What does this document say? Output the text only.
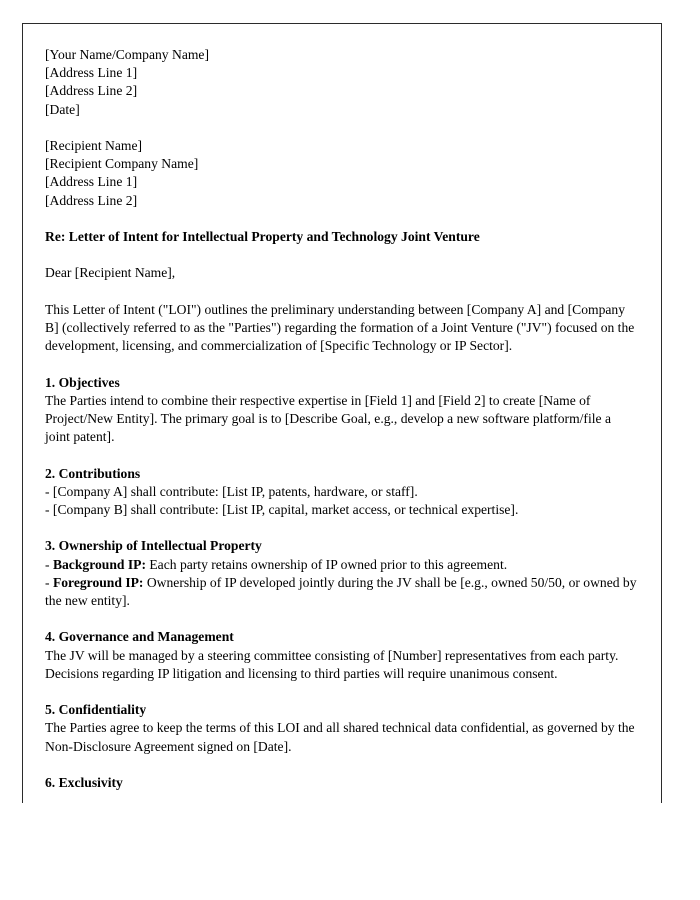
[Your Name/Company Name]
[Address Line 1]
[Address Line 2]
[Date]
[Recipient Name]
[Recipient Company Name]
[Address Line 1]
[Address Line 2]
Re: Letter of Intent for Intellectual Property and Technology Joint Venture
Dear [Recipient Name],
This Letter of Intent ("LOI") outlines the preliminary understanding between [Company A] and [Company B] (collectively referred to as the "Parties") regarding the formation of a Joint Venture ("JV") focused on the development, licensing, and commercialization of [Specific Technology or IP Sector].
1. Objectives
The Parties intend to combine their respective expertise in [Field 1] and [Field 2] to create [Name of Project/New Entity]. The primary goal is to [Describe Goal, e.g., develop a new software platform/file a joint patent].
2. Contributions
- [Company A] shall contribute: [List IP, patents, hardware, or staff].
- [Company B] shall contribute: [List IP, capital, market access, or technical expertise].
3. Ownership of Intellectual Property
- Background IP: Each party retains ownership of IP owned prior to this agreement.
- Foreground IP: Ownership of IP developed jointly during the JV shall be [e.g., owned 50/50, or owned by the new entity].
4. Governance and Management
The JV will be managed by a steering committee consisting of [Number] representatives from each party. Decisions regarding IP litigation and licensing to third parties will require unanimous consent.
5. Confidentiality
The Parties agree to keep the terms of this LOI and all shared technical data confidential, as governed by the Non-Disclosure Agreement signed on [Date].
6. Exclusivity
